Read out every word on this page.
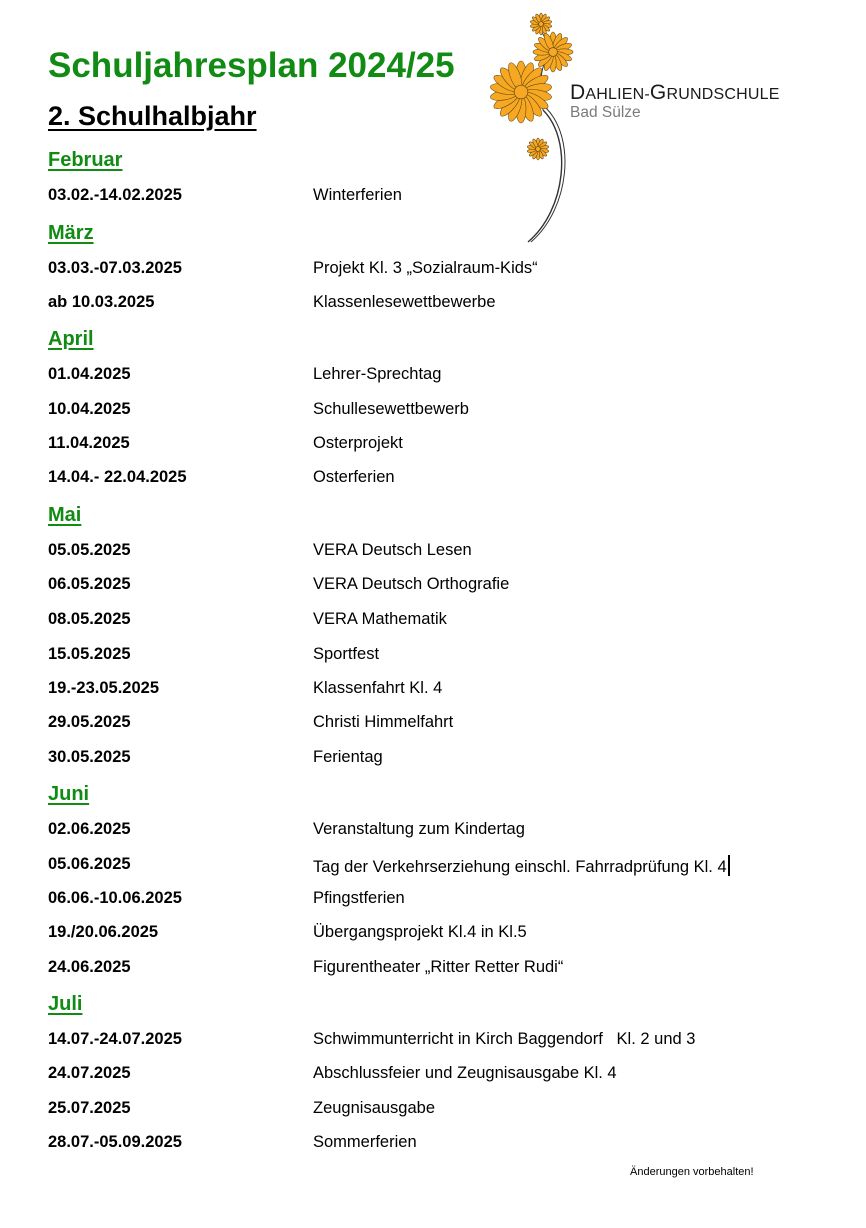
Schuljahresplan 2024/25
2. Schulhalbjahr
DAHLIEN-GRUNDSCHULE
Bad Sülze
Februar
03.02.-14.02.2025	Winterferien
März
03.03.-07.03.2025	Projekt Kl. 3 „Sozialraum-Kids“
ab 10.03.2025	Klassenlesewettbewerbe
April
01.04.2025	Lehrer-Sprechtag
10.04.2025	Schullesewettbewerb
11.04.2025	Osterprojekt
14.04.- 22.04.2025	Osterferien
Mai
05.05.2025	VERA Deutsch Lesen
06.05.2025	VERA Deutsch Orthografie
08.05.2025	VERA Mathematik
15.05.2025	Sportfest
19.-23.05.2025	Klassenfahrt Kl. 4
29.05.2025	Christi Himmelfahrt
30.05.2025	Ferientag
Juni
02.06.2025	Veranstaltung zum Kindertag
05.06.2025	Tag der Verkehrserziehung einschl. Fahrradprüfung Kl. 4
06.06.-10.06.2025	Pfingstferien
19./20.06.2025	Übergangsprojekt Kl.4 in Kl.5
24.06.2025	Figurentheater „Ritter Retter Rudi“
Juli
14.07.-24.07.2025	Schwimmunterricht in Kirch Baggendorf   Kl. 2 und 3
24.07.2025	Abschlussfeier und Zeugnisausgabe Kl. 4
25.07.2025	Zeugnisausgabe
28.07.-05.09.2025	Sommerferien
Änderungen vorbehalten!
